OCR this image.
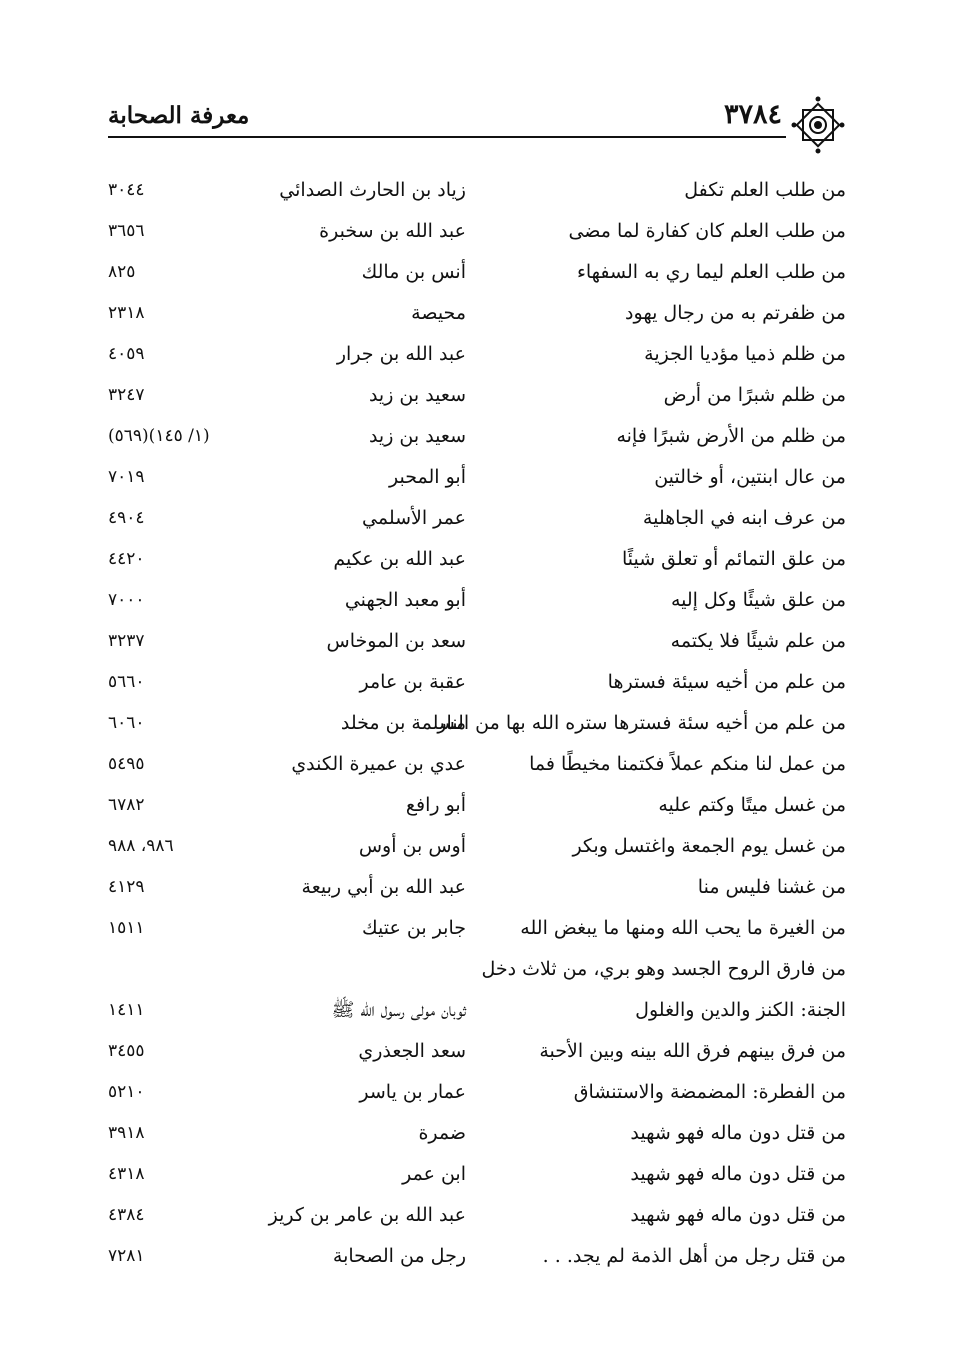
٣٧٨٤
معرفة الصحابة
من طلب العلم تكفل
زياد بن الحارث الصدائي
٣٠٤٤
من طلب العلم كان كفارة لما مضى
عبد الله بن سخبرة
٣٦٥٦
من طلب العلم ليما ري به السفهاء
أنس بن مالك
٨٢٥
من ظفرتم به من رجال يهود
محيصة
٢٣١٨
من ظلم ذميا مؤديا الجزية
عبد الله بن جرار
٤٠٥٩
من ظلم شبرًا من أرض
سعيد بن زيد
٣٢٤٧
من ظلم من الأرض شبرًا فإنه
سعيد بن زيد
(١/ ١٤٥)(٥٦٩)
من عال ابنتين، أو خالتين
أبو المحبر
٧٠١٩
من عرف ابنه في الجاهلية
عمر الأسلمي
٤٩٠٤
من علق التمائم أو تعلق شيئًا
عبد الله بن عكيم
٤٤٢٠
من علق شيئًا وكل إليه
أبو معبد الجهني
٧٠٠٠
من علم شيئًا فلا يكتمه
سعد بن الموخاس
٣٢٣٧
من علم من أخيه سيئة فسترها
عقبة بن عامر
٥٦٦٠
من علم من أخيه سئة فسترها ستره الله بها من النار
مسلمة بن مخلد
٦٠٦٠
من عمل لنا منكم عملاً فكتمنا مخيطًا فما
عدي بن عميرة الكندي
٥٤٩٥
من غسل ميتًا وكتم عليه
أبو رافع
٦٧٨٢
من غسل يوم الجمعة واغتسل وبكر
أوس بن أوس
٩٨٦، ٩٨٨
من غشنا فليس منا
عبد الله بن أبي ربيعة
٤١٢٩
من الغيرة ما يحب الله ومنها ما يبغض الله
جابر بن عتيك
١٥١١
من فارق الروح الجسد وهو بري، من ثلاث دخل
الجنة: الكنز والدين والغلول
ثوبان مولى رسول الله ﷺ
١٤١١
من فرق بينهم فرق الله بينه وبين الأحبة
سعد الجعذري
٣٤٥٥
من الفطرة: المضمضة والاستنشاق
عمار بن ياسر
٥٢١٠
من قتل دون ماله فهو شهيد
ضمرة
٣٩١٨
من قتل دون ماله فهو شهيد
ابن عمر
٤٣١٨
من قتل دون ماله فهو شهيد
عبد الله بن عامر بن كريز
٤٣٨٤
من قتل رجل من أهل الذمة لم يجد. . .
رجل من الصحابة
٧٢٨١
